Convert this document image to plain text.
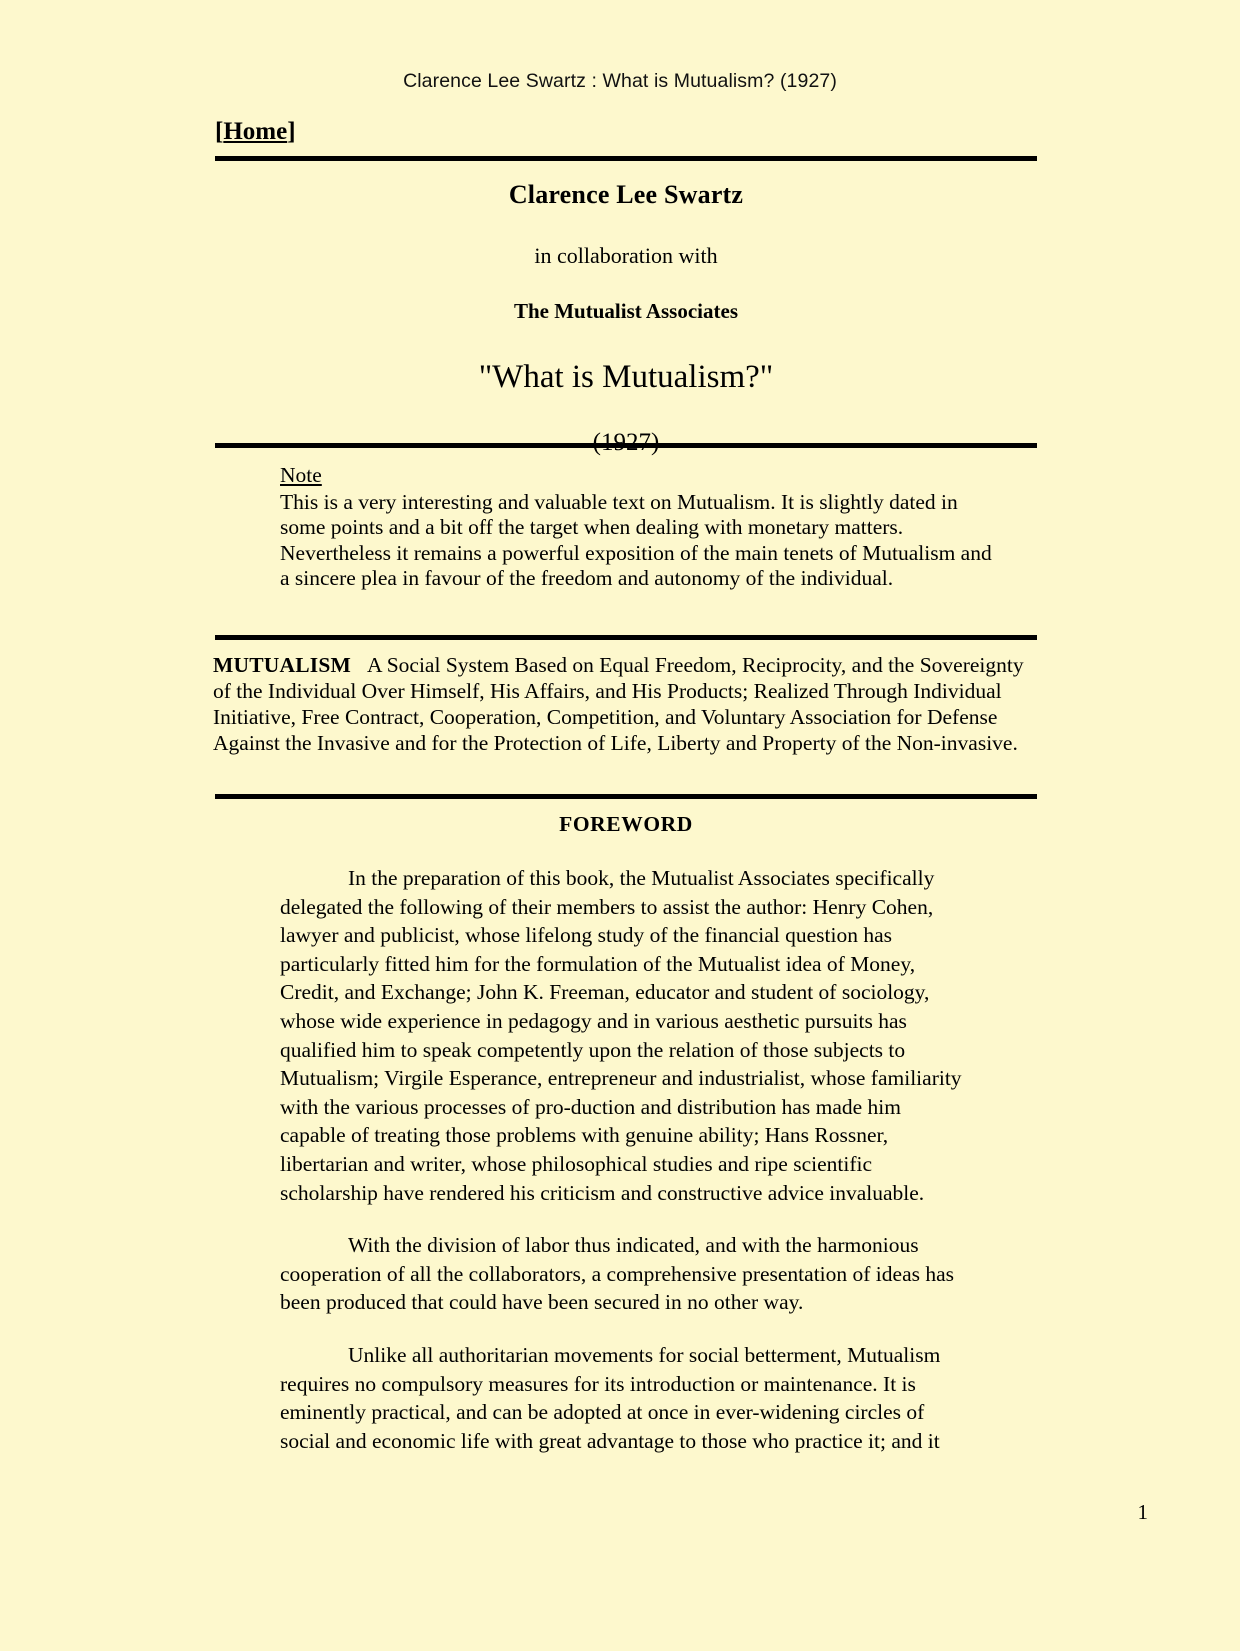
Clarence Lee Swartz : What is Mutualism? (1927)
[Home]
Clarence Lee Swartz
in collaboration with
The Mutualist Associates
"What is Mutualism?"
Note
This is a very interesting and valuable text on Mutualism. It is slightly dated in some points and a bit off the target when dealing with monetary matters. Nevertheless it remains a powerful exposition of the main tenets of Mutualism and a sincere plea in favour of the freedom and autonomy of the individual.
MUTUALISM A Social System Based on Equal Freedom, Reciprocity, and the Sovereignty of the Individual Over Himself, His Affairs, and His Products; Realized Through Individual Initiative, Free Contract, Cooperation, Competition, and Voluntary Association for Defense Against the Invasive and for the Protection of Life, Liberty and Property of the Non-invasive.
FOREWORD

In the preparation of this book, the Mutualist Associates specifically delegated the following of their members to assist the author: Henry Cohen, lawyer and publicist, whose lifelong study of the financial question has particularly fitted him for the formulation of the Mutualist idea of Money, Credit, and Exchange; John K. Freeman, educator and student of sociology, whose wide experience in pedagogy and in various aesthetic pursuits has qualified him to speak competently upon the relation of those subjects to Mutualism; Virgile Esperance, entrepreneur and industrialist, whose familiarity with the various processes of pro-duction and distribution has made him capable of treating those problems with genuine ability; Hans Rossner, libertarian and writer, whose philosophical studies and ripe scientific scholarship have rendered his criticism and constructive advice invaluable.

With the division of labor thus indicated, and with the harmonious cooperation of all the collaborators, a comprehensive presentation of ideas has been produced that could have been secured in no other way.

Unlike all authoritarian movements for social betterment, Mutualism requires no compulsory measures for its introduction or maintenance. It is eminently practical, and can be adopted at once in ever-widening circles of social and economic life with great advantage to those who practice it; and it

1
